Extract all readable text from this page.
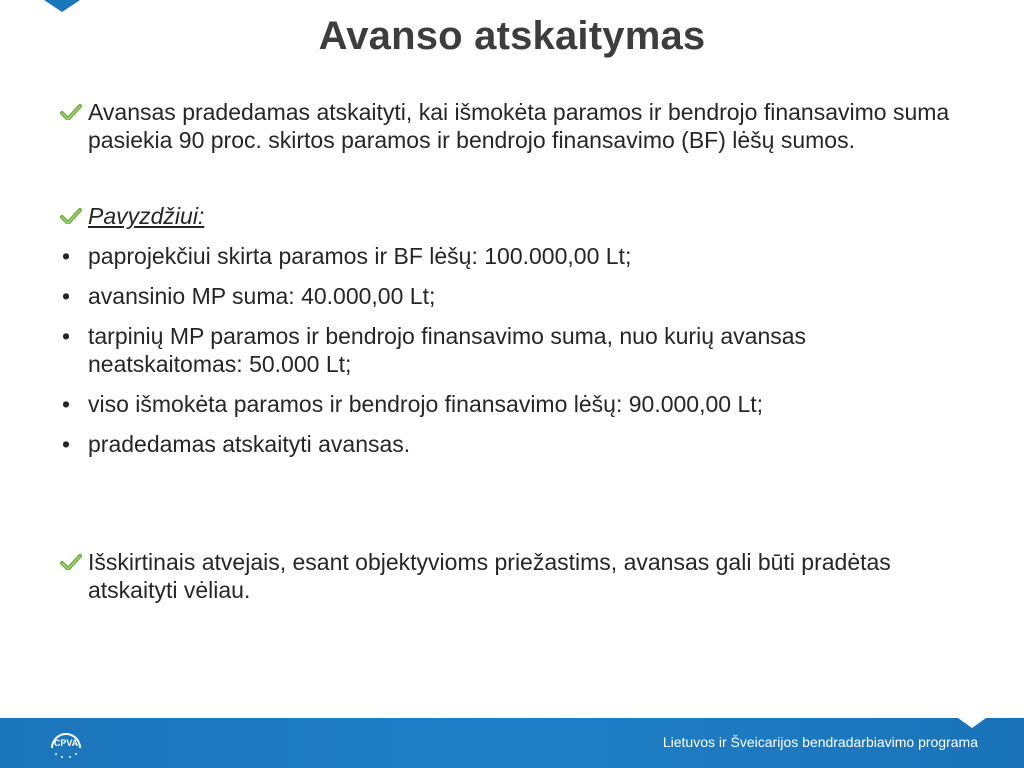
Avanso atskaitymas
Avansas pradedamas atskaityti, kai išmokėta paramos ir bendrojo finansavimo suma pasiekia 90 proc. skirtos paramos ir bendrojo finansavimo (BF) lėšų sumos.
Pavyzdžiui:
• paprojekčiui skirta paramos ir BF lėšų: 100.000,00 Lt;
• avansinio MP suma: 40.000,00 Lt;
• tarpinių MP paramos ir bendrojo finansavimo suma, nuo kurių avansas neatskaitomas: 50.000 Lt;
• viso išmokėta paramos ir bendrojo finansavimo lėšų: 90.000,00 Lt;
• pradedamas atskaityti avansas.
Išskirtinais atvejais, esant objektyvioms priežastims, avansas gali būti pradėtas atskaityti vėliau.
CPVA	Lietuvos ir Šveicarijos bendradarbiavimo programa
